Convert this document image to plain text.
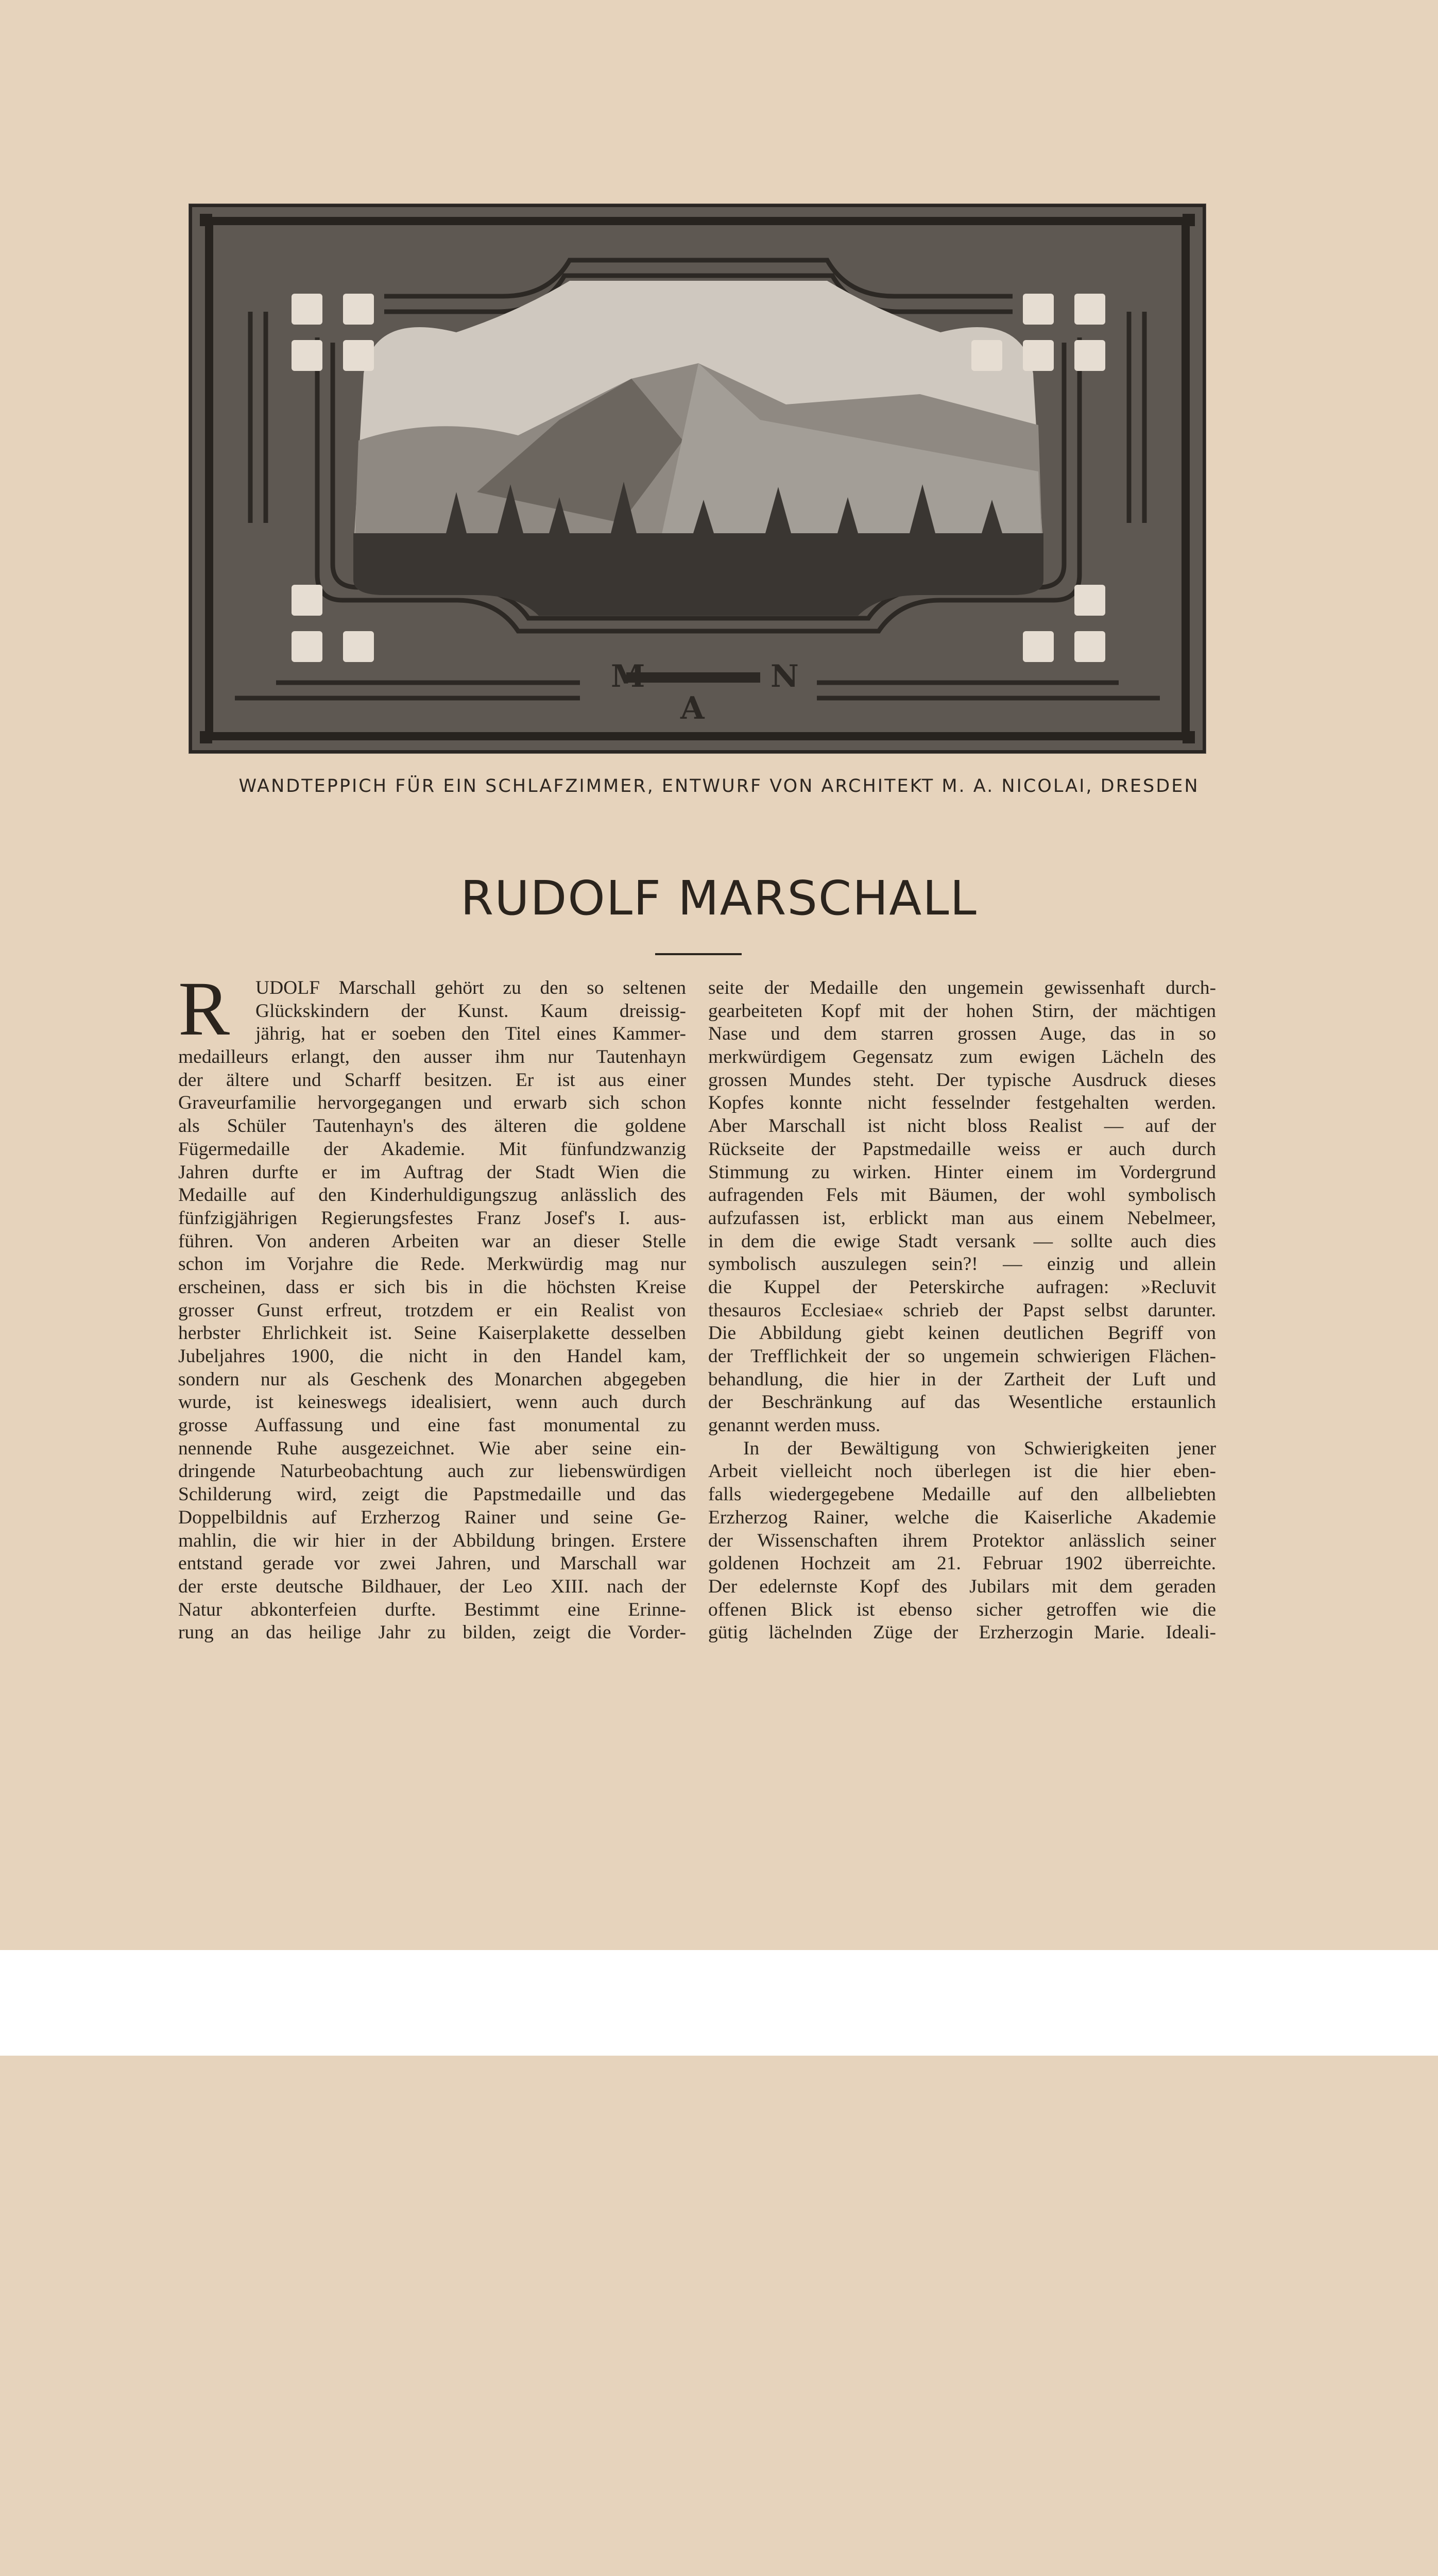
M	N
A
WANDTEPPICH FÜR EIN SCHLAFZIMMER, ENTWURF VON ARCHITEKT M. A. NICOLAI, DRESDEN
RUDOLF MARSCHALL
R	UDOLF Marschall gehört zu den so seltenen
Glückskindern der Kunst. Kaum dreissig-
jährig, hat er soeben den Titel eines Kammer-
medailleurs erlangt, den ausser ihm nur Tautenhayn
der ältere und Scharff besitzen. Er ist aus einer
Graveurfamilie hervorgegangen und erwarb sich schon
als Schüler Tautenhayn's des älteren die goldene
Fügermedaille der Akademie. Mit fünfundzwanzig
Jahren durfte er im Auftrag der Stadt Wien die
Medaille auf den Kinderhuldigungszug anlässlich des
fünfzigjährigen Regierungsfestes Franz Josef's I. aus-
führen. Von anderen Arbeiten war an dieser Stelle
schon im Vorjahre die Rede. Merkwürdig mag nur
erscheinen, dass er sich bis in die höchsten Kreise
grosser Gunst erfreut, trotzdem er ein Realist von
herbster Ehrlichkeit ist. Seine Kaiserplakette desselben
Jubeljahres 1900, die nicht in den Handel kam,
sondern nur als Geschenk des Monarchen abgegeben
wurde, ist keineswegs idealisiert, wenn auch durch
grosse Auffassung und eine fast monumental zu
nennende Ruhe ausgezeichnet. Wie aber seine ein-
dringende Naturbeobachtung auch zur liebenswürdigen
Schilderung wird, zeigt die Papstmedaille und das
Doppelbildnis auf Erzherzog Rainer und seine Ge-
mahlin, die wir hier in der Abbildung bringen. Erstere
entstand gerade vor zwei Jahren, und Marschall war
der erste deutsche Bildhauer, der Leo XIII. nach der
Natur abkonterfeien durfte. Bestimmt eine Erinne-
rung an das heilige Jahr zu bilden, zeigt die Vorder-
seite der Medaille den ungemein gewissenhaft durch-
gearbeiteten Kopf mit der hohen Stirn, der mächtigen
Nase und dem starren grossen Auge, das in so
merkwürdigem Gegensatz zum ewigen Lächeln des
grossen Mundes steht. Der typische Ausdruck dieses
Kopfes konnte nicht fesselnder festgehalten werden.
Aber Marschall ist nicht bloss Realist — auf der
Rückseite der Papstmedaille weiss er auch durch
Stimmung zu wirken. Hinter einem im Vordergrund
aufragenden Fels mit Bäumen, der wohl symbolisch
aufzufassen ist, erblickt man aus einem Nebelmeer,
in dem die ewige Stadt versank — sollte auch dies
symbolisch auszulegen sein?! — einzig und allein
die Kuppel der Peterskirche aufragen: »Recluvit
thesauros Ecclesiae« schrieb der Papst selbst darunter.
Die Abbildung giebt keinen deutlichen Begriff von
der Trefflichkeit der so ungemein schwierigen Flächen-
behandlung, die hier in der Zartheit der Luft und
der Beschränkung auf das Wesentliche erstaunlich
genannt werden muss.
In der Bewältigung von Schwierigkeiten jener
Arbeit vielleicht noch überlegen ist die hier eben-
falls wiedergegebene Medaille auf den allbeliebten
Erzherzog Rainer, welche die Kaiserliche Akademie
der Wissenschaften ihrem Protektor anlässlich seiner
goldenen Hochzeit am 21. Februar 1902 überreichte.
Der edelernste Kopf des Jubilars mit dem geraden
offenen Blick ist ebenso sicher getroffen wie die
gütig lächelnden Züge der Erzherzogin Marie. Ideali-
